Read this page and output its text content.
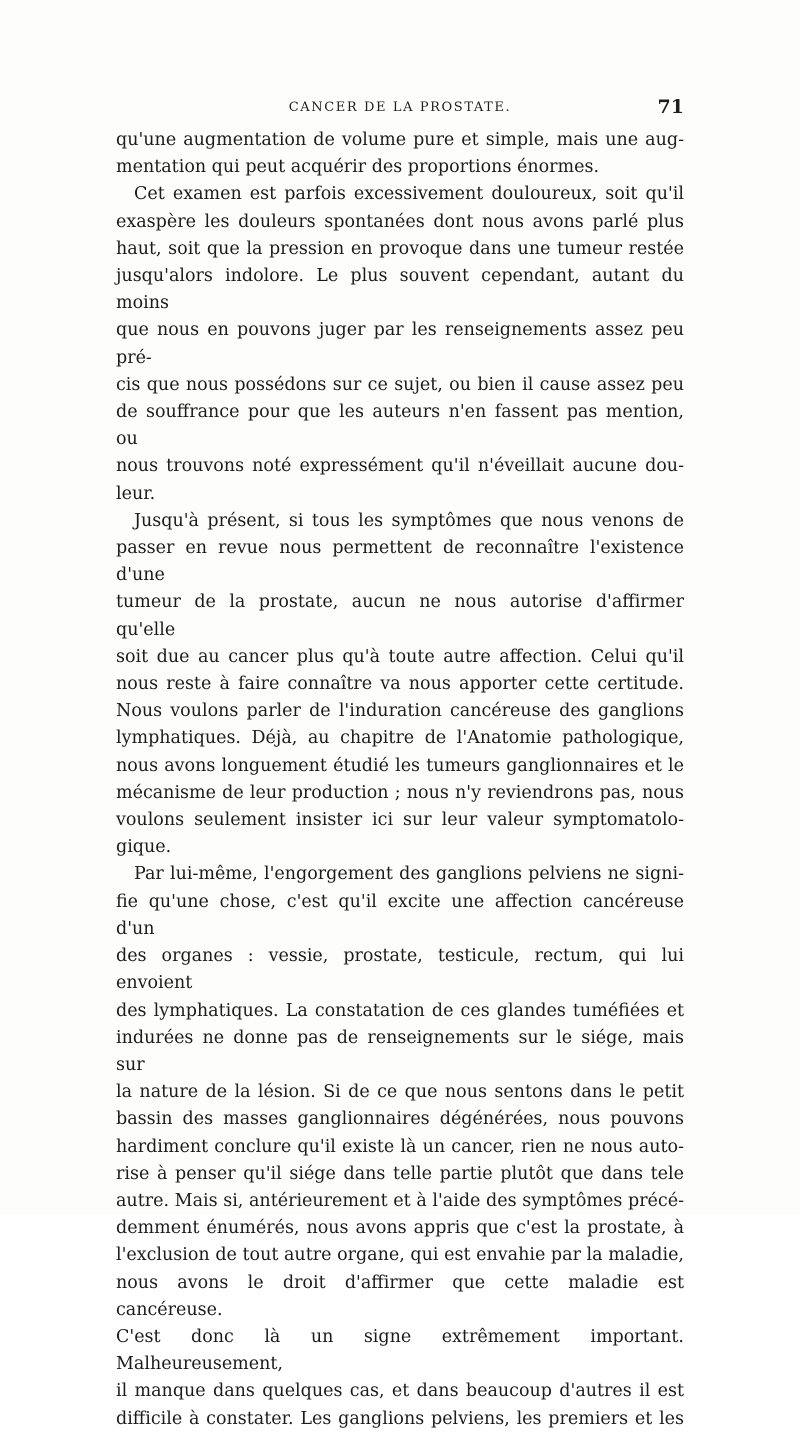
CANCER DE LA PROSTATE.	71

qu'une augmentation de volume pure et simple, mais une aug-

mentation qui peut acquérir des proportions énormes.

Cet examen est parfois excessivement douloureux, soit qu'il

exaspère les douleurs spontanées dont nous avons parlé plus

haut, soit que la pression en provoque dans une tumeur restée

jusqu'alors indolore. Le plus souvent cependant, autant du moins

que nous en pouvons juger par les renseignements assez peu pré-

cis que nous possédons sur ce sujet, ou bien il cause assez peu

de souffrance pour que les auteurs n'en fassent pas mention, ou

nous trouvons noté expressément qu'il n'éveillait aucune dou-

leur.

Jusqu'à présent, si tous les symptômes que nous venons de

passer en revue nous permettent de reconnaître l'existence d'une

tumeur de la prostate, aucun ne nous autorise d'affirmer qu'elle

soit due au cancer plus qu'à toute autre affection. Celui qu'il

nous reste à faire connaître va nous apporter cette certitude.

Nous voulons parler de l'induration cancéreuse des ganglions

lymphatiques. Déjà, au chapitre de l'Anatomie pathologique,

nous avons longuement étudié les tumeurs ganglionnaires et le

mécanisme de leur production ; nous n'y reviendrons pas, nous

voulons seulement insister ici sur leur valeur symptomatolo-

gique.

Par lui-même, l'engorgement des ganglions pelviens ne signi-

fie qu'une chose, c'est qu'il excite une affection cancéreuse d'un

des organes : vessie, prostate, testicule, rectum, qui lui envoient

des lymphatiques. La constatation de ces glandes tuméfiées et

indurées ne donne pas de renseignements sur le siége, mais sur

la nature de la lésion. Si de ce que nous sentons dans le petit

bassin des masses ganglionnaires dégénérées, nous pouvons

hardiment conclure qu'il existe là un cancer, rien ne nous auto-

rise à penser qu'il siége dans telle partie plutôt que dans tele

autre. Mais si, antérieurement et à l'aide des symptômes précé-

demment énumérés, nous avons appris que c'est la prostate, à

l'exclusion de tout autre organe, qui est envahie par la maladie,

nous avons le droit d'affirmer que cette maladie est cancéreuse.

C'est donc là un signe extrêmement important. Malheureusement,

il manque dans quelques cas, et dans beaucoup d'autres il est

difficile à constater. Les ganglions pelviens, les premiers et les
